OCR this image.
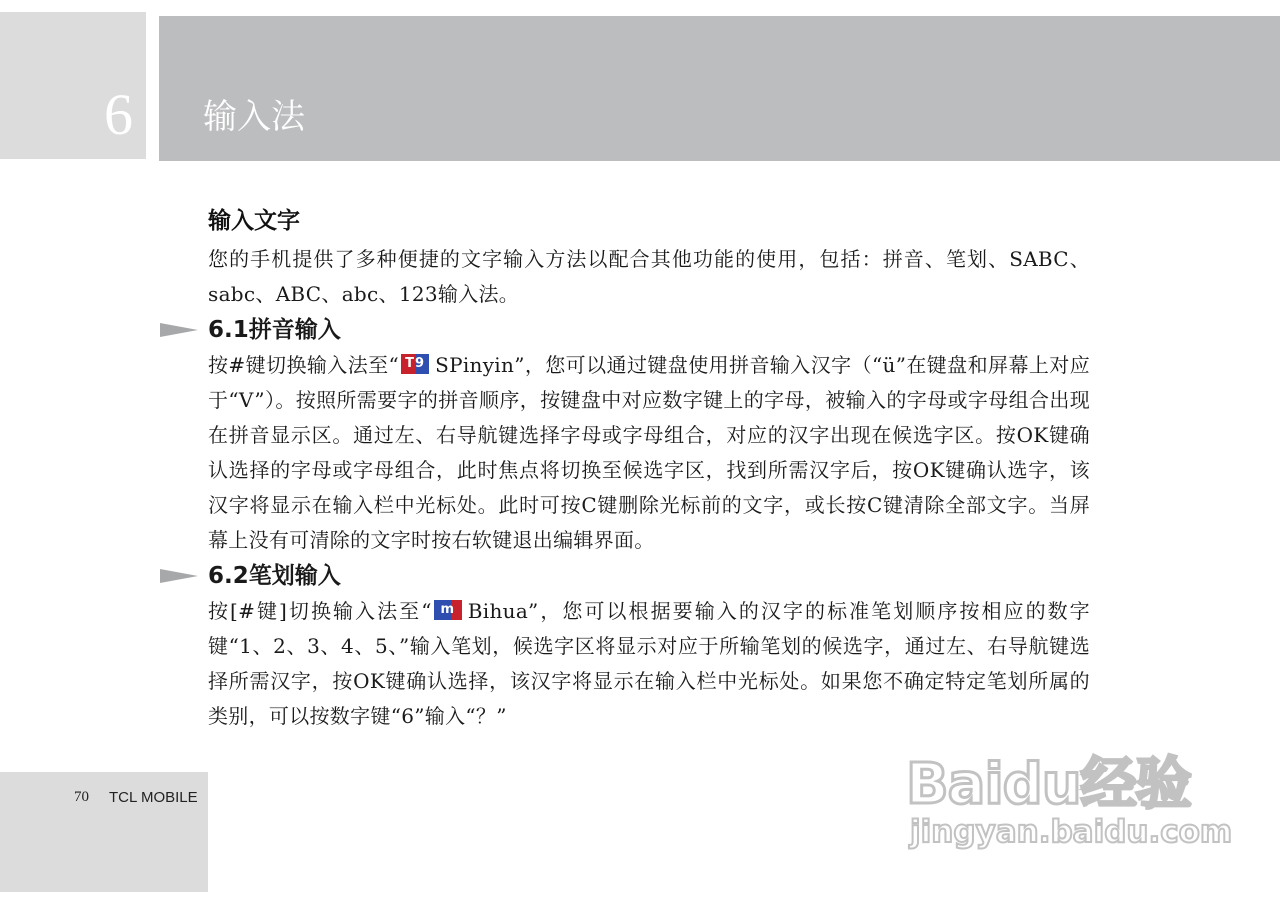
6 输入法
输入文字

您的手机提供了多种便捷的文字输入方法以配合其他功能的使用，包括：拼音、笔划、SABC、sabc、ABC、abc、123输入法。

6.1拼音输入

按#键切换输入法至“ T9 SPinyin”，您可以通过键盘使用拼音输入汉字（“ü”在键盘和屏幕上对应于“V”）。按照所需要字的拼音顺序，按键盘中对应数字键上的字母，被输入的字母或字母组合出现在拼音显示区。通过左、右导航键选择字母或字母组合，对应的汉字出现在候选字区。按OK键确认选择的字母或字母组合，此时焦点将切换至候选字区，找到所需汉字后，按OK键确认选字，该汉字将显示在输入栏中光标处。此时可按C键删除光标前的文字，或长按C键清除全部文字。当屏幕上没有可清除的文字时按右软键退出编辑界面。

6.2笔划输入

按[#键]切换输入法至“ m Bihua”，您可以根据要输入的汉字的标准笔划顺序按相应的数字键“1、2、3、4、5、”输入笔划，候选字区将显示对应于所输笔划的候选字，通过左、右导航键选择所需汉字，按OK键确认选择，该汉字将显示在输入栏中光标处。如果您不确定特定笔划所属的类别，可以按数字键“6”输入“？”

70 TCL MOBILE	Baidu经验
jingyan.baidu.com
